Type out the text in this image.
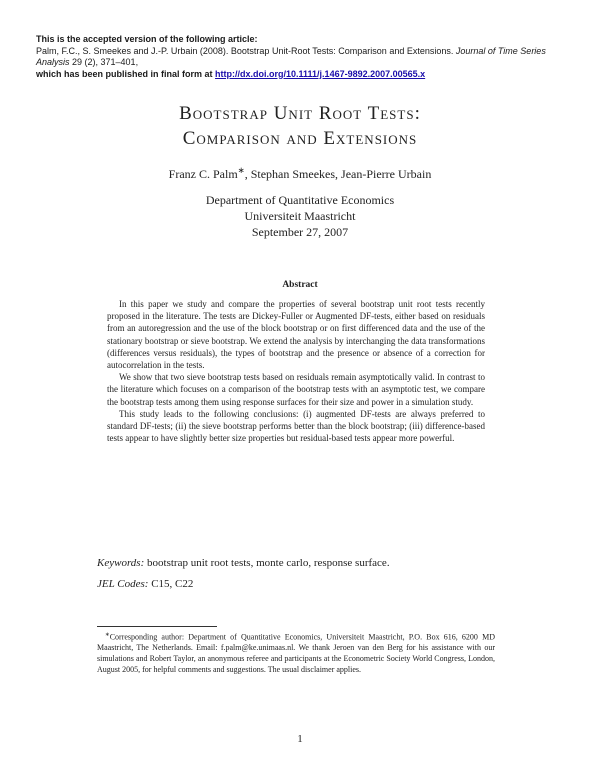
This is the accepted version of the following article:
Palm, F.C., S. Smeekes and J.-P. Urbain (2008). Bootstrap Unit-Root Tests: Comparison and Extensions. Journal of Time Series Analysis 29 (2), 371–401,
which has been published in final form at http://dx.doi.org/10.1111/j.1467-9892.2007.00565.x
Bootstrap Unit Root Tests:
Comparison and Extensions
Franz C. Palm∗, Stephan Smeekes, Jean-Pierre Urbain
Department of Quantitative Economics
Universiteit Maastricht
September 27, 2007
Abstract

In this paper we study and compare the properties of several bootstrap unit root tests recently proposed in the literature. The tests are Dickey-Fuller or Augmented DF-tests, either based on residuals from an autoregression and the use of the block bootstrap or on first differenced data and the use of the stationary bootstrap or sieve bootstrap. We extend the analysis by interchanging the data transformations (differences versus residuals), the types of bootstrap and the presence or absence of a correction for autocorrelation in the tests.

We show that two sieve bootstrap tests based on residuals remain asymptotically valid. In contrast to the literature which focuses on a comparison of the bootstrap tests with an asymptotic test, we compare the bootstrap tests among them using response surfaces for their size and power in a simulation study.

This study leads to the following conclusions: (i) augmented DF-tests are always preferred to standard DF-tests; (ii) the sieve bootstrap performs better than the block bootstrap; (iii) difference-based tests appear to have slightly better size properties but residual-based tests appear more powerful.

Keywords: bootstrap unit root tests, monte carlo, response surface.
JEL Codes: C15, C22

∗Corresponding author: Department of Quantitative Economics, Universiteit Maastricht, P.O. Box 616, 6200 MD Maastricht, The Netherlands. Email: f.palm@ke.unimaas.nl. We thank Jeroen van den Berg for his assistance with our simulations and Robert Taylor, an anonymous referee and participants at the Econometric Society World Congress, London, August 2005, for helpful comments and suggestions. The usual disclaimer applies.

1
